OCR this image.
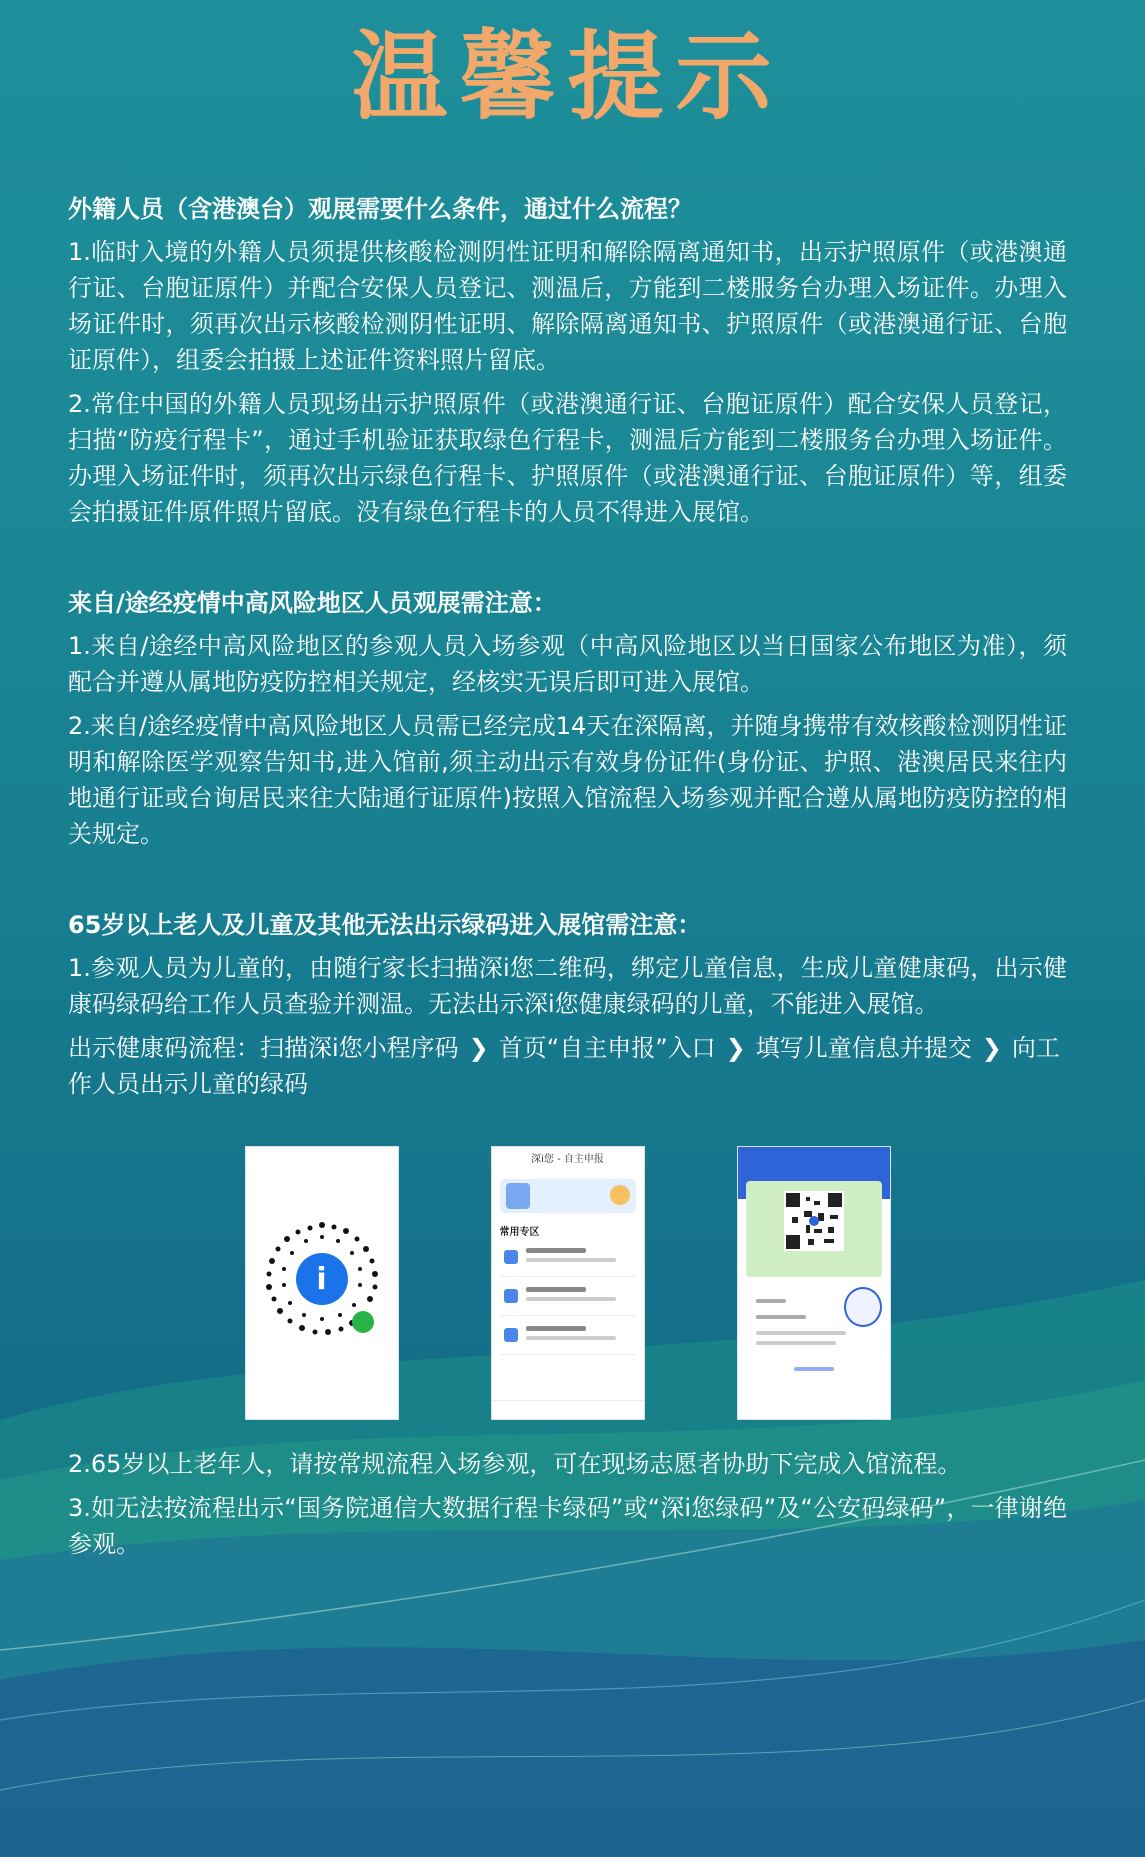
温馨提示
外籍人员（含港澳台）观展需要什么条件，通过什么流程？

1.临时入境的外籍人员须提供核酸检测阴性证明和解除隔离通知书，出示护照原件（或港澳通行证、台胞证原件）并配合安保人员登记、测温后，方能到二楼服务台办理入场证件。办理入场证件时，须再次出示核酸检测阴性证明、解除隔离通知书、护照原件（或港澳通行证、台胞证原件），组委会拍摄上述证件资料照片留底。

2.常住中国的外籍人员现场出示护照原件（或港澳通行证、台胞证原件）配合安保人员登记，扫描“防疫行程卡”，通过手机验证获取绿色行程卡，测温后方能到二楼服务台办理入场证件。办理入场证件时，须再次出示绿色行程卡、护照原件（或港澳通行证、台胞证原件）等，组委会拍摄证件原件照片留底。没有绿色行程卡的人员不得进入展馆。

来自/途经疫情中高风险地区人员观展需注意：

1.来自/途经中高风险地区的参观人员入场参观（中高风险地区以当日国家公布地区为准），须配合并遵从属地防疫防控相关规定，经核实无误后即可进入展馆。

2.来自/途经疫情中高风险地区人员需已经完成14天在深隔离，并随身携带有效核酸检测阴性证明和解除医学观察告知书,进入馆前,须主动出示有效身份证件(身份证、护照、港澳居民来往内地通行证或台询居民来往大陆通行证原件)按照入馆流程入场参观并配合遵从属地防疫防控的相关规定。

65岁以上老人及儿童及其他无法出示绿码进入展馆需注意：

1.参观人员为儿童的，由随行家长扫描深i您二维码，绑定儿童信息，生成儿童健康码，出示健康码绿码给工作人员查验并测温。无法出示深i您健康绿码的儿童，不能进入展馆。

出示健康码流程：扫描深i您小程序码 ❯ 首页“自主申报”入口 ❯ 填写儿童信息并提交 ❯ 向工作人员出示儿童的绿码

i
深i您 - 自主申报
常用专区

2.65岁以上老年人，请按常规流程入场参观，可在现场志愿者协助下完成入馆流程。

3.如无法按流程出示“国务院通信大数据行程卡绿码”或“深i您绿码”及“公安码绿码”，一律谢绝参观。
